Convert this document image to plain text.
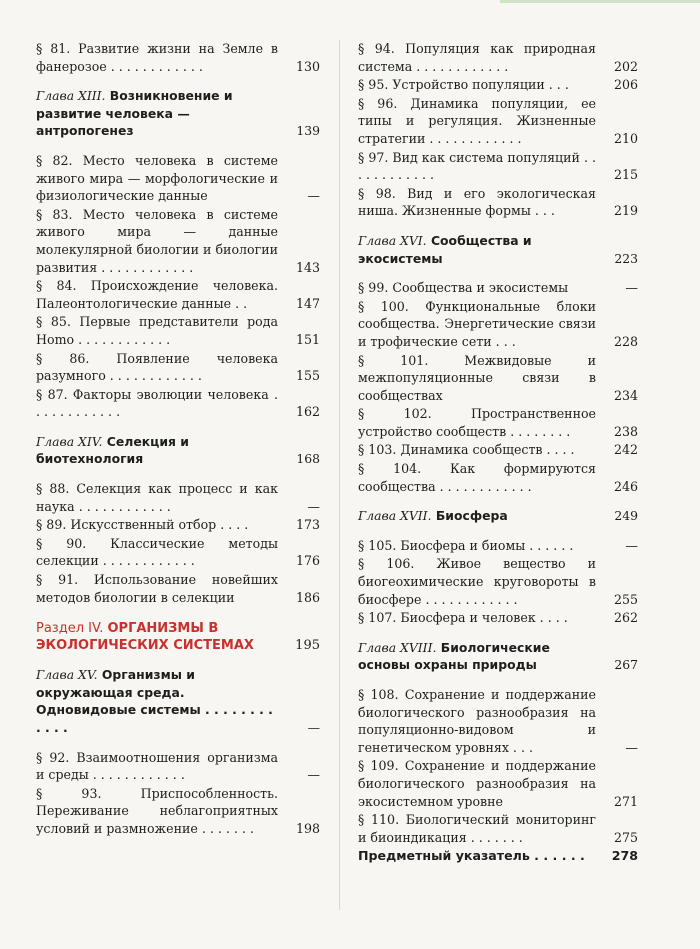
§ 81. Развитие жизни на Земле в фанерозое . . . . . . . . . . . .	130
Глава XIII. Возникновение и развитие человека — антропогенез	139
§ 82. Место человека в системе живого мира — морфологические и физиологические данные	—
§ 83. Место человека в системе живого мира — данные молекулярной биологии и биологии развития . . . . . . . . . . . .	143
§ 84. Происхождение человека. Палеонтологические данные . .	147
§ 85. Первые представители рода Homo . . . . . . . . . . . .	151
§ 86. Появление человека разумного . . . . . . . . . . . .	155
§ 87. Факторы эволюции человека . . . . . . . . . . . .	162
Глава XIV. Селекция и биотехнология	168
§ 88. Селекция как процесс и как наука . . . . . . . . . . . .	—
§ 89. Искусственный отбор . . . .	173
§ 90. Классические методы селекции . . . . . . . . . . . .	176
§ 91. Использование новейших методов биологии в селекции	186
Раздел IV. ОРГАНИЗМЫ В ЭКОЛОГИЧЕСКИХ СИСТЕМАХ	195
Глава XV. Организмы и окружающая среда. Одновидовые системы . . . . . . . . . . . .	—
§ 92. Взаимоотношения организма и среды . . . . . . . . . . . .	—
§ 93. Приспособленность. Переживание неблагоприятных условий и размножение . . . . . . .	198
§ 94. Популяция как природная система . . . . . . . . . . . .	202
§ 95. Устройство популяции . . .	206
§ 96. Динамика популяции, ее типы и регуляция. Жизненные стратегии . . . . . . . . . . . .	210
§ 97. Вид как система популяций . . . . . . . . . . . .	215
§ 98. Вид и его экологическая ниша. Жизненные формы . . .	219
Глава XVI. Сообщества и экосистемы	223
§ 99. Сообщества и экосистемы	—
§ 100. Функциональные блоки сообщества. Энергетические связи и трофические сети . . .	228
§ 101. Межвидовые и межпопуляционные связи в сообществах	234
§ 102. Пространственное устройство сообществ . . . . . . . .	238
§ 103. Динамика сообществ . . . .	242
§ 104. Как формируются сообщества . . . . . . . . . . . .	246
Глава XVII. Биосфера	249
§ 105. Биосфера и биомы . . . . . .	—
§ 106. Живое вещество и биогеохимические круговороты в биосфере . . . . . . . . . . . .	255
§ 107. Биосфера и человек . . . .	262
Глава XVIII. Биологические основы охраны природы	267
§ 108. Сохранение и поддержание биологического разнообразия на популяционно-видовом и генетическом уровнях . . .	—
§ 109. Сохранение и поддержание биологического разнообразия на экосистемном уровне	271
§ 110. Биологический мониторинг и биоиндикация . . . . . . .	275
Предметный указатель . . . . . .	278
